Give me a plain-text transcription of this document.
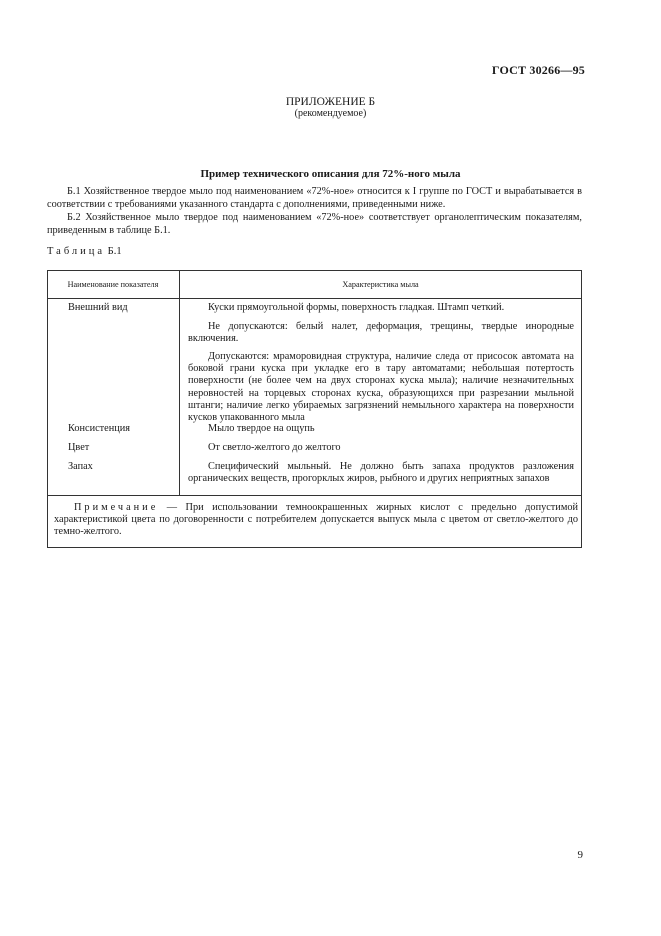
ГОСТ 30266—95
ПРИЛОЖЕНИЕ Б
(рекомендуемое)
Пример технического описания для 72%-ного мыла
Б.1 Хозяйственное твердое мыло под наименованием «72%-ное» относится к I группе по ГОСТ и вырабатывается в соответствии с требованиями указанного стандарта с дополнениями, приведенными ниже.
Б.2 Хозяйственное мыло твердое под наименованием «72%-ное» соответствует органолептическим показателям, приведенным в таблице Б.1.
Таблица Б.1
Наименование показателя	Характеристика мыла
Внешний вид	Куски прямоугольной формы, поверхность гладкая. Штамп четкий.
Не допускаются: белый налет, деформация, трещины, твердые инородные включения.
Допускаются: мраморовидная структура, наличие следа от присосок автомата на боковой грани куска при укладке его в тару автоматами; небольшая потертость поверхности (не более чем на двух сторонах куска мыла); наличие незначительных неровностей на торцевых сторонах куска, образующихся при разрезании мыльной штанги; наличие легко убираемых загрязнений немыльного характера на поверхности кусков упакованного мыла
Консистенция	Мыло твердое на ощупь
Цвет	От светло-желтого до желтого
Запах	Специфический мыльный. Не должно быть запаха продуктов разложения органических веществ, прогорклых жиров, рыбного и других неприятных запахов
Примечание — При использовании темноокрашенных жирных кислот с предельно допустимой характеристикой цвета по договоренности с потребителем допускается выпуск мыла с цветом от светло-желтого до темно-желтого.
9
